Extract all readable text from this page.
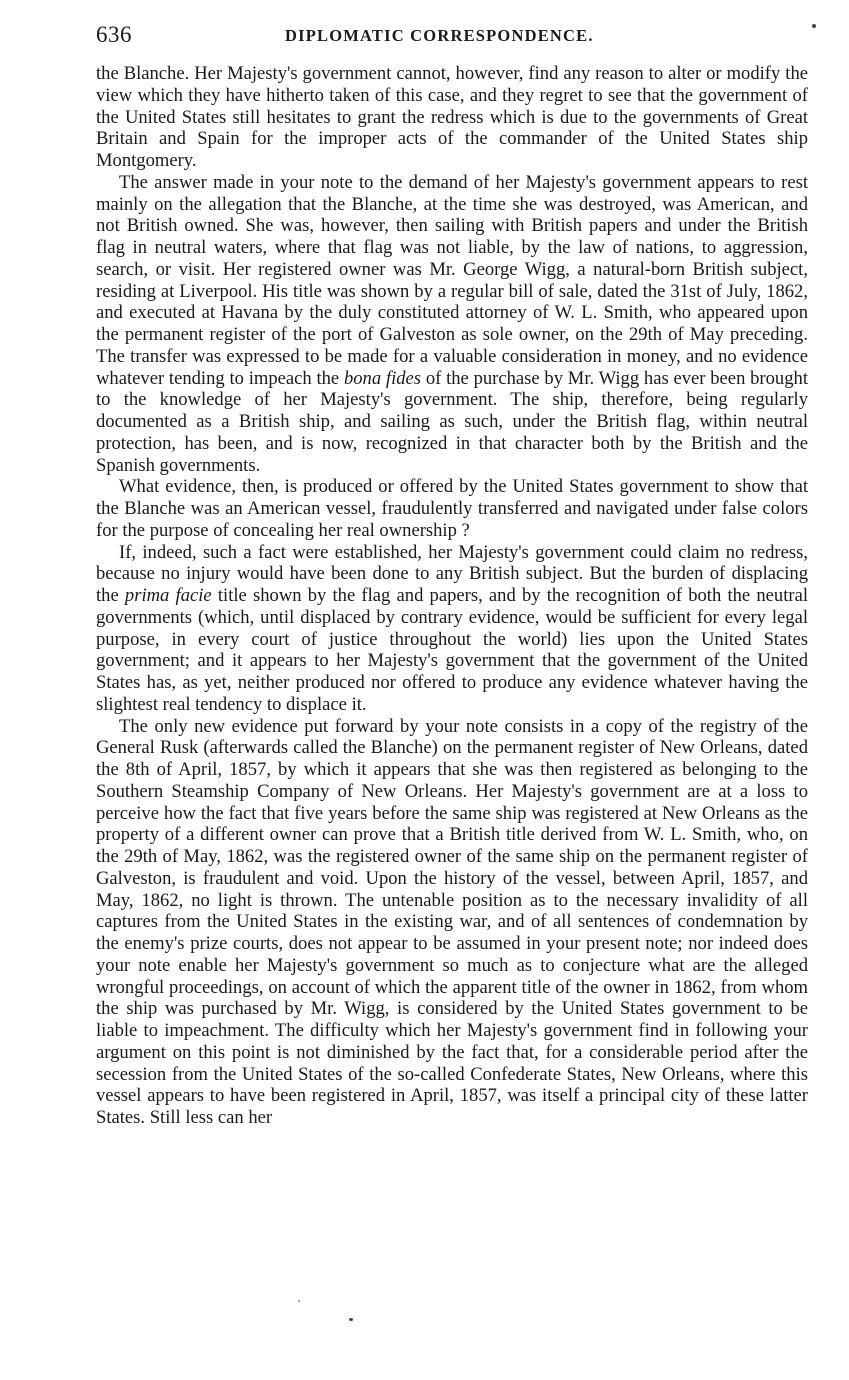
636	DIPLOMATIC CORRESPONDENCE.

the Blanche. Her Majesty's government cannot, however, find any reason to alter or modify the view which they have hitherto taken of this case, and they regret to see that the government of the United States still hesitates to grant the redress which is due to the governments of Great Britain and Spain for the improper acts of the commander of the United States ship Montgomery.

The answer made in your note to the demand of her Majesty's government appears to rest mainly on the allegation that the Blanche, at the time she was destroyed, was American, and not British owned. She was, however, then sailing with British papers and under the British flag in neutral waters, where that flag was not liable, by the law of nations, to aggression, search, or visit. Her registered owner was Mr. George Wigg, a natural-born British subject, residing at Liverpool. His title was shown by a regular bill of sale, dated the 31st of July, 1862, and executed at Havana by the duly constituted attorney of W. L. Smith, who appeared upon the permanent register of the port of Galveston as sole owner, on the 29th of May preceding. The transfer was expressed to be made for a valuable consideration in money, and no evidence whatever tending to impeach the bona fides of the purchase by Mr. Wigg has ever been brought to the knowledge of her Majesty's government. The ship, therefore, being regularly documented as a British ship, and sailing as such, under the British flag, within neutral protection, has been, and is now, recognized in that character both by the British and the Spanish governments.

What evidence, then, is produced or offered by the United States government to show that the Blanche was an American vessel, fraudulently transferred and navigated under false colors for the purpose of concealing her real ownership ?

If, indeed, such a fact were established, her Majesty's government could claim no redress, because no injury would have been done to any British subject. But the burden of displacing the prima facie title shown by the flag and papers, and by the recognition of both the neutral governments (which, until displaced by contrary evidence, would be sufficient for every legal purpose, in every court of justice throughout the world) lies upon the United States government; and it appears to her Majesty's government that the government of the United States has, as yet, neither produced nor offered to produce any evidence whatever having the slightest real tendency to displace it.

The only new evidence put forward by your note consists in a copy of the registry of the General Rusk (afterwards called the Blanche) on the permanent register of New Orleans, dated the 8th of April, 1857, by which it appears that she was then registered as belonging to the Southern Steamship Company of New Orleans. Her Majesty's government are at a loss to perceive how the fact that five years before the same ship was registered at New Orleans as the property of a different owner can prove that a British title derived from W. L. Smith, who, on the 29th of May, 1862, was the registered owner of the same ship on the permanent register of Galveston, is fraudulent and void. Upon the history of the vessel, between April, 1857, and May, 1862, no light is thrown. The untenable position as to the necessary invalidity of all captures from the United States in the existing war, and of all sentences of condemnation by the enemy's prize courts, does not appear to be assumed in your present note; nor indeed does your note enable her Majesty's government so much as to conjecture what are the alleged wrongful proceedings, on account of which the apparent title of the owner in 1862, from whom the ship was purchased by Mr. Wigg, is considered by the United States government to be liable to impeachment. The difficulty which her Majesty's government find in following your argument on this point is not diminished by the fact that, for a considerable period after the secession from the United States of the so-called Confederate States, New Orleans, where this vessel appears to have been registered in April, 1857, was itself a principal city of these latter States. Still less can her
